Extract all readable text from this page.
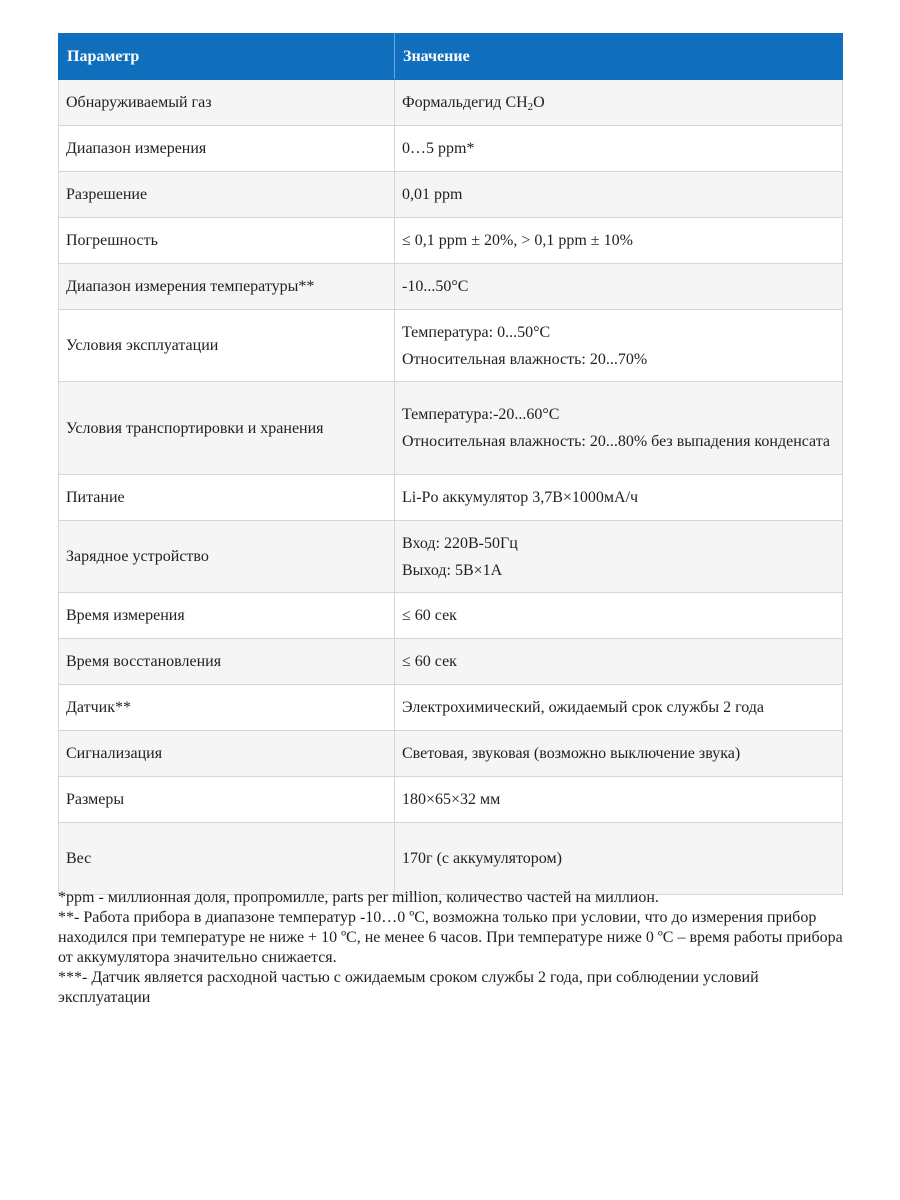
Параметр	Значение
Обнаруживаемый газ	Формальдегид $CH_2O$
Диапазон измерения	0…5 ppm*
Разрешение	0,01 ppm
Погрешность	≤ 0,1 ppm ± 20%, > 0,1 ppm ± 10%
Диапазон измерения температуры**	-10...50°C
Условия эксплуатации	Температура: 0...50°C
Относительная влажность: 20...70%

Условия транспортировки и хранения	Температура:-20...60°C
Относительная влажность: 20...80% без выпадения конденсата

Питание	Li-Po аккумулятор 3,7В×1000мА/ч
Зарядное устройство	Вход: 220В-50Гц
Выход: 5В×1А

Время измерения	≤ 60 сек
Время восстановления	≤ 60 сек
Датчик**	Электрохимический, ожидаемый срок службы 2 года
Сигнализация	Световая, звуковая (возможно выключение звука)
Размеры	180×65×32 мм
Вес	170г (с аккумулятором)

*ppm - миллионная доля, пропромилле, parts per million, количество частей на миллион.

**- Работа прибора в диапазоне температур -10…0 ºС, возможна только при условии, что до измерения прибор находился при температуре не ниже + 10 ºС, не менее 6 часов. При температуре ниже 0 ºС – время работы прибора от аккумулятора значительно снижается.

***- Датчик является расходной частью с ожидаемым сроком службы 2 года, при соблюдении условий эксплуатации
